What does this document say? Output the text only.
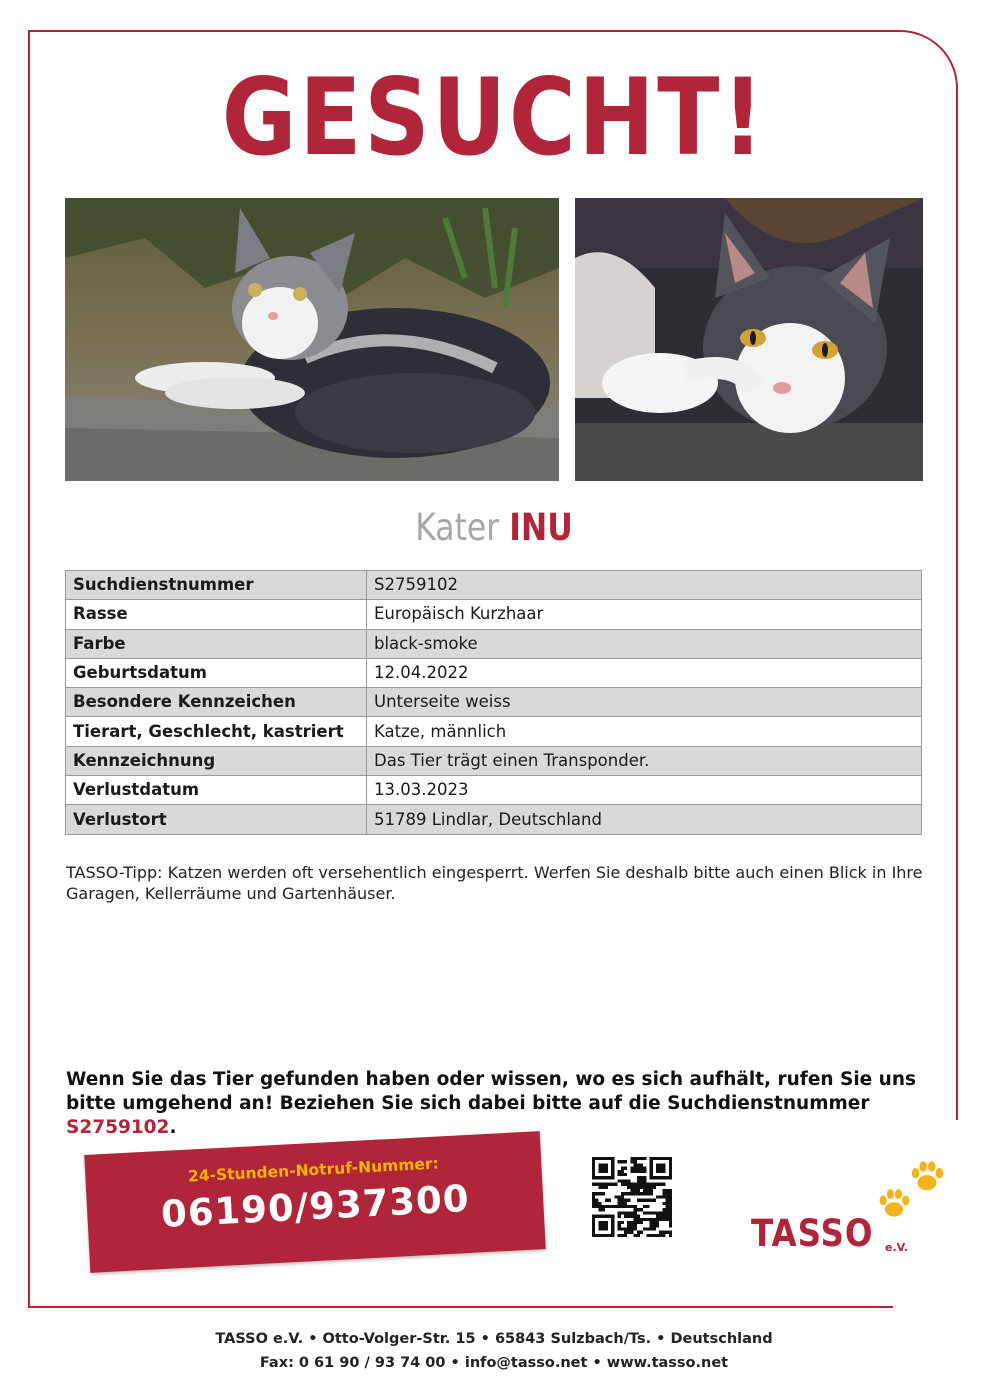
GESUCHT!
Kater INU
Suchdienstnummer	S2759102
Rasse	Europäisch Kurzhaar
Farbe	black-smoke
Geburtsdatum	12.04.2022
Besondere Kennzeichen	Unterseite weiss
Tierart, Geschlecht, kastriert	Katze, männlich
Kennzeichnung	Das Tier trägt einen Transponder.
Verlustdatum	13.03.2023
Verlustort	51789 Lindlar, Deutschland
TASSO-Tipp: Katzen werden oft versehentlich eingesperrt. Werfen Sie deshalb bitte auch einen Blick in Ihre Garagen, Kellerräume und Gartenhäuser.
Wenn Sie das Tier gefunden haben oder wissen, wo es sich aufhält, rufen Sie uns bitte umgehend an! Beziehen Sie sich dabei bitte auf die Suchdienstnummer S2759102.
24-Stunden-Notruf-Nummer:
06190/937300	TASSO e.V.
TASSO e.V. • Otto-Volger-Str. 15 • 65843 Sulzbach/Ts. • Deutschland
Fax: 0 61 90 / 93 74 00 • info@tasso.net • www.tasso.net
